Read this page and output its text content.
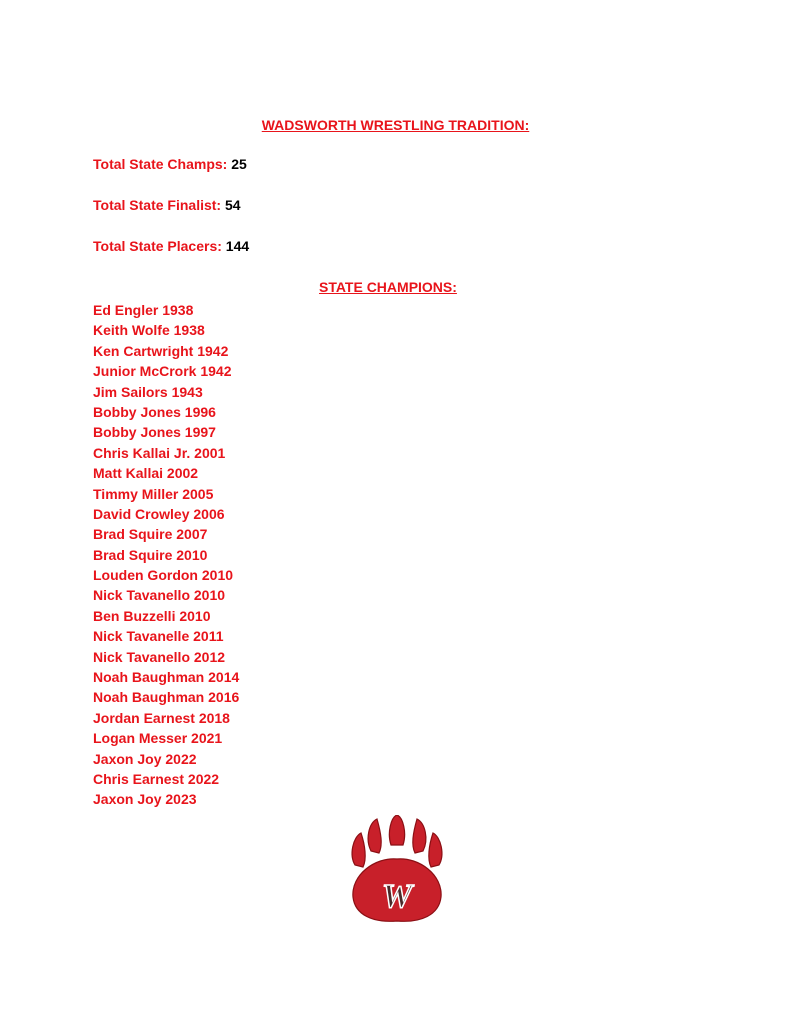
WADSWORTH WRESTLING TRADITION:

Total State Champs: 25

Total State Finalist: 54

Total State Placers: 144

STATE CHAMPIONS:
Ed Engler 1938
Keith Wolfe 1938
Ken Cartwright 1942
Junior McCrork 1942
Jim Sailors 1943
Bobby Jones 1996
Bobby Jones 1997
Chris Kallai Jr. 2001
Matt Kallai 2002
Timmy Miller 2005
David Crowley 2006
Brad Squire 2007
Brad Squire 2010
Louden Gordon 2010
Nick Tavanello 2010
Ben Buzzelli 2010
Nick Tavanelle 2011
Nick Tavanello 2012
Noah Baughman 2014
Noah Baughman 2016
Jordan Earnest 2018
Logan Messer 2021
Jaxon Joy 2022
Chris Earnest 2022
Jaxon Joy 2023
W
